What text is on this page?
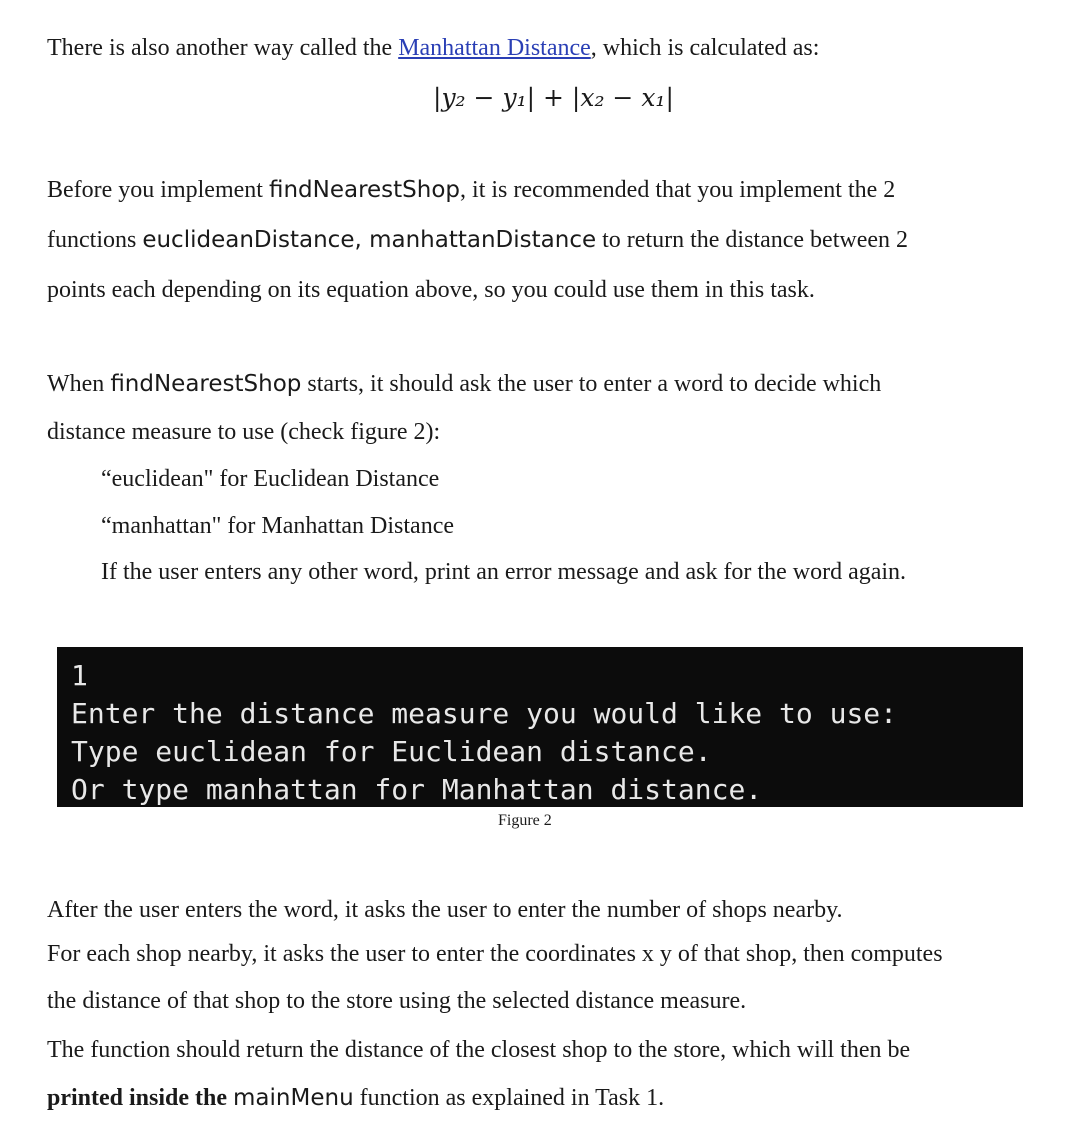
There is also another way called the Manhattan Distance, which is calculated as:
|y₂ − y₁| + |x₂ − x₁|
Before you implement findNearestShop, it is recommended that you implement the 2
functions euclideanDistance, manhattanDistance to return the distance between 2
points each depending on its equation above, so you could use them in this task.
When findNearestShop starts, it should ask the user to enter a word to decide which
distance measure to use (check figure 2):
“euclidean" for Euclidean Distance
“manhattan" for Manhattan Distance
If the user enters any other word, print an error message and ask for the word again.
1
Enter the distance measure you would like to use:
Type euclidean for Euclidean distance.
Or type manhattan for Manhattan distance.
Figure 2
After the user enters the word, it asks the user to enter the number of shops nearby.
For each shop nearby, it asks the user to enter the coordinates x y of that shop, then computes
the distance of that shop to the store using the selected distance measure.
The function should return the distance of the closest shop to the store, which will then be
printed inside the mainMenu function as explained in Task 1.
